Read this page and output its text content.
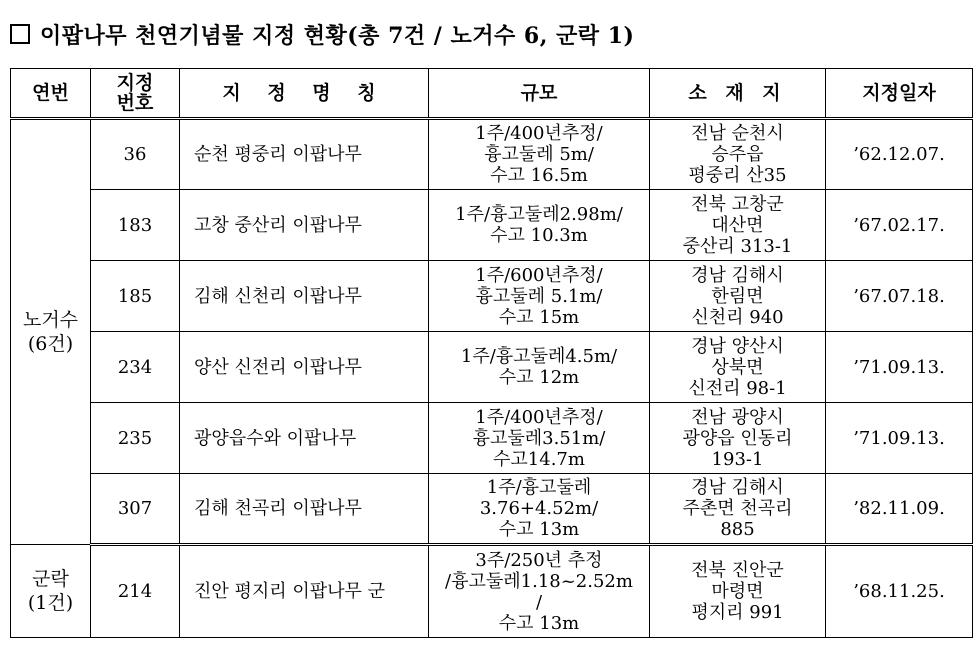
이팝나무 천연기념물 지정 현황(총 7건 / 노거수 6, 군락 1)
연번	지정
번호	지 정 명 칭	규모	소 재 지	지정일자
노거수
(6건)	36	순천 평중리 이팝나무	1주/400년추정/
흉고둘레 5m/
수고 16.5m	전남 순천시
승주읍
평중리 산35	’62.12.07.
	183	고창 중산리 이팝나무	1주/흉고둘레2.98m/
수고 10.3m	전북 고창군
대산면
중산리 313-1	’67.02.17.
	185	김해 신천리 이팝나무	1주/600년추정/
흉고둘레 5.1m/
수고 15m	경남 김해시
한림면
신천리 940	’67.07.18.
	234	양산 신전리 이팝나무	1주/흉고둘레4.5m/
수고 12m	경남 양산시
상북면
신전리 98-1	’71.09.13.
	235	광양읍수와 이팝나무	1주/400년추정/
흉고둘레3.51m/
수고14.7m	전남 광양시
광양읍 인동리
193-1	’71.09.13.
	307	김해 천곡리 이팝나무	1주/흉고둘레
3.76+4.52m/
수고 13m	경남 김해시
주촌면 천곡리
885	’82.11.09.
군락
(1건)	214	진안 평지리 이팝나무 군	3주/250년 추정
/흉고둘레1.18~2.52m
/
수고 13m	전북 진안군
마령면
평지리 991	’68.11.25.
